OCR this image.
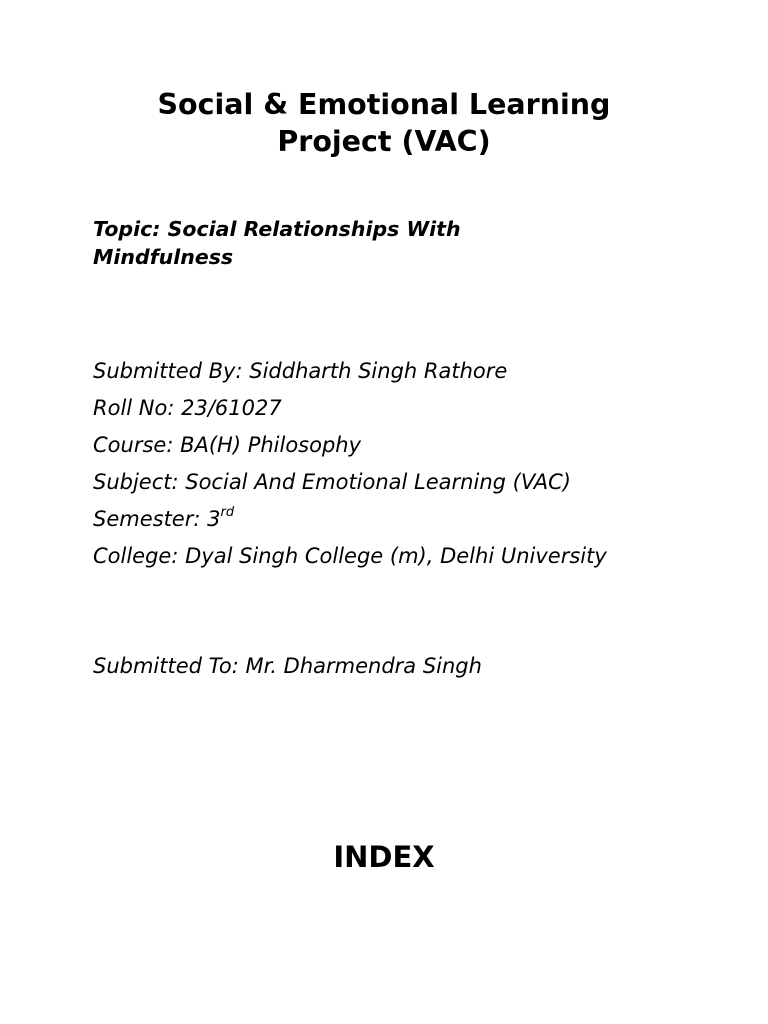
Social & Emotional Learning
Project (VAC)
Topic: Social Relationships With
Mindfulness
Submitted By: Siddharth Singh Rathore
Roll No: 23/61027
Course: BA(H) Philosophy
Subject: Social And Emotional Learning (VAC)
Semester: 3rd
College: Dyal Singh College (m), Delhi University
Submitted To: Mr. Dharmendra Singh
INDEX
